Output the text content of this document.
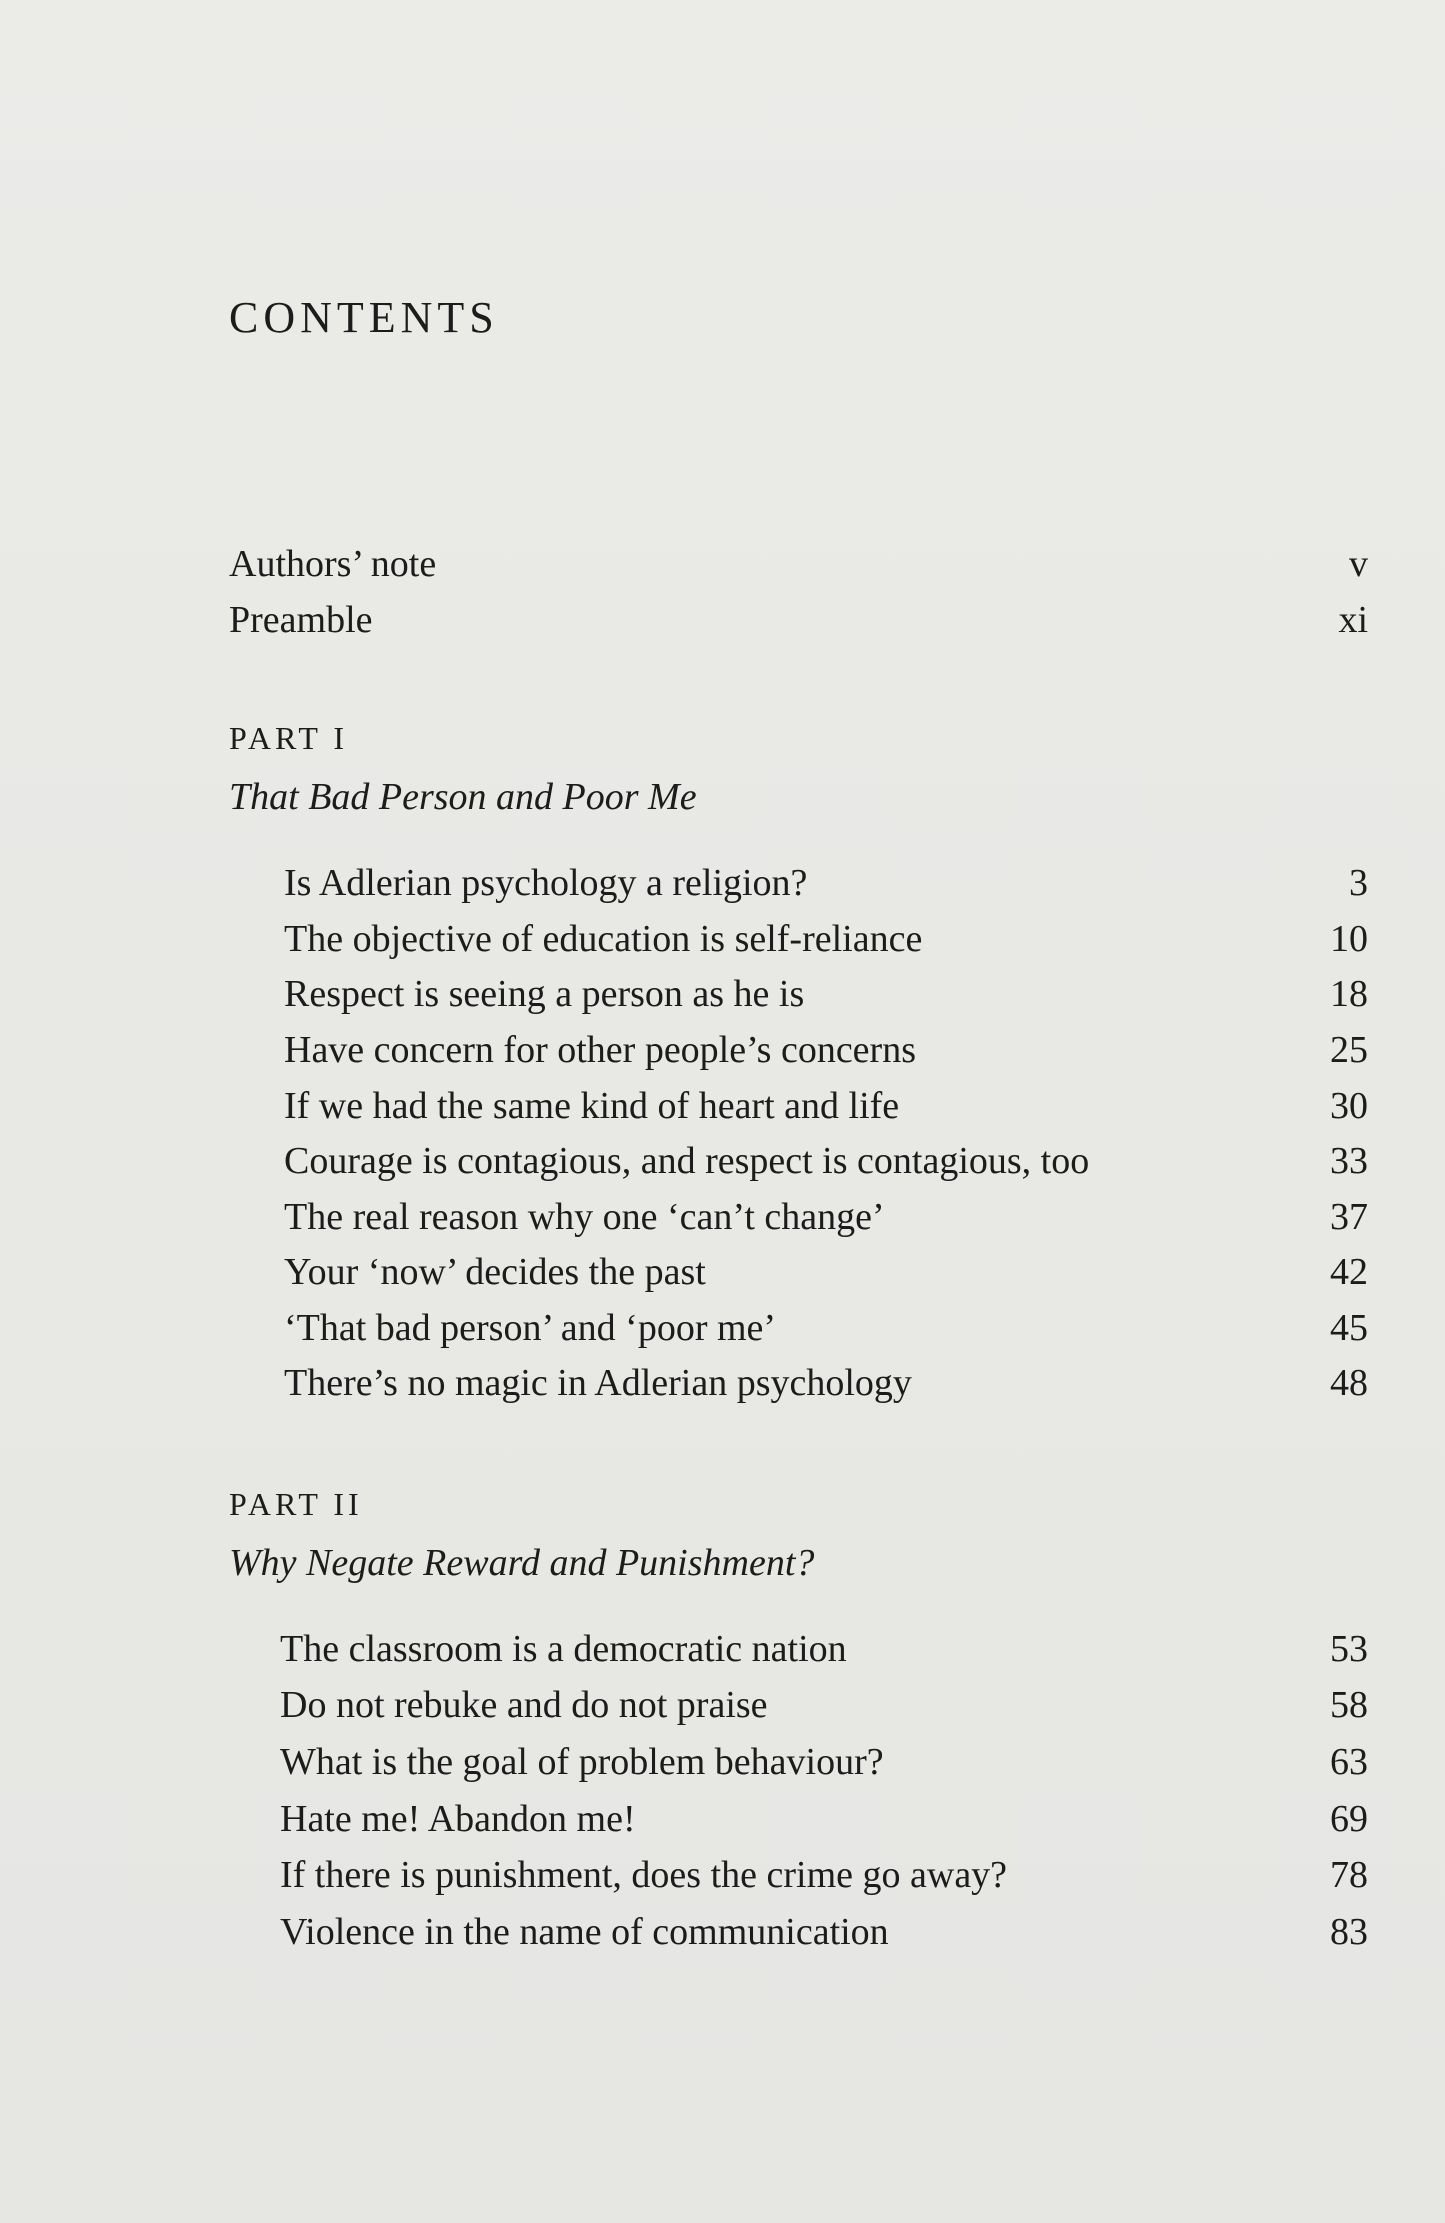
CONTENTS
Authors’ note	v
Preamble	xi
PART I
That Bad Person and Poor Me
Is Adlerian psychology a religion?	3
The objective of education is self-reliance	10
Respect is seeing a person as he is	18
Have concern for other people’s concerns	25
If we had the same kind of heart and life	30
Courage is contagious, and respect is contagious, too	33
The real reason why one ‘can’t change’	37
Your ‘now’ decides the past	42
‘That bad person’ and ‘poor me’	45
There’s no magic in Adlerian psychology	48
PART II
Why Negate Reward and Punishment?
The classroom is a democratic nation	53
Do not rebuke and do not praise	58
What is the goal of problem behaviour?	63
Hate me! Abandon me!	69
If there is punishment, does the crime go away?	78
Violence in the name of communication	83
